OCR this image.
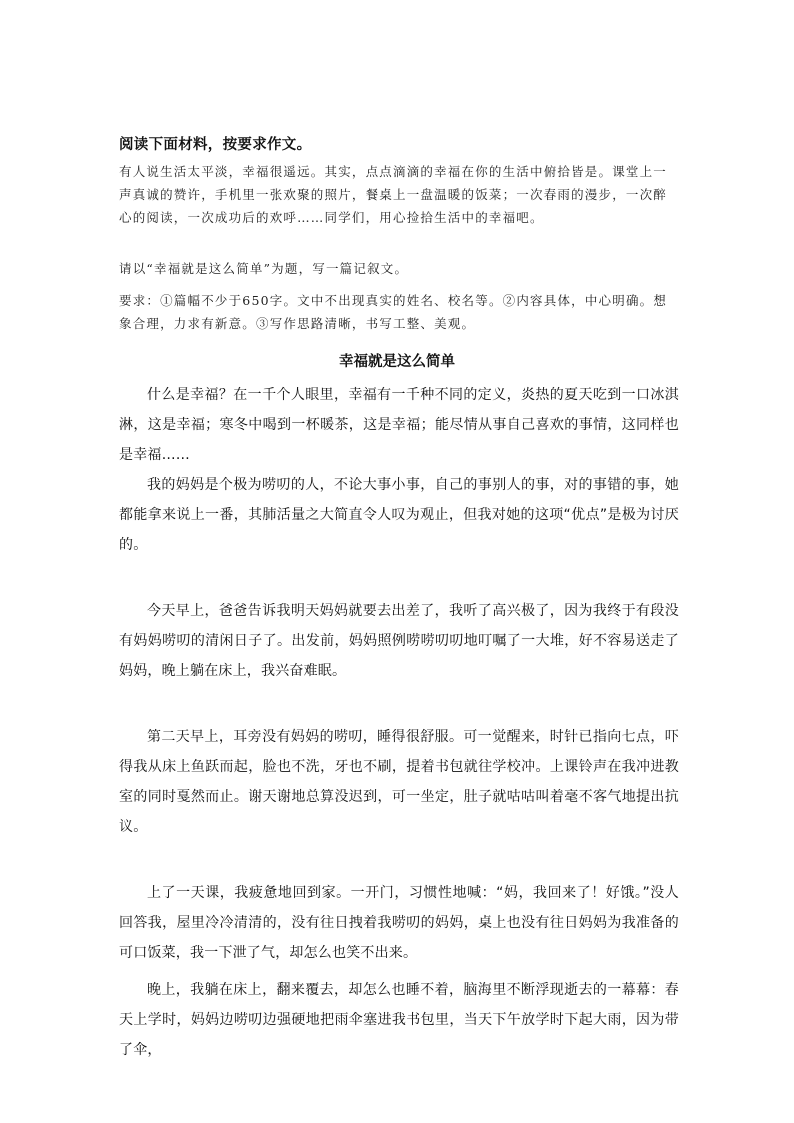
阅读下面材料，按要求作文。
有人说生活太平淡，幸福很遥远。其实，点点滴滴的幸福在你的生活中俯拾皆是。课堂上一声真诚的赞许，手机里一张欢聚的照片，餐桌上一盘温暖的饭菜；一次春雨的漫步，一次醉心的阅读，一次成功后的欢呼……同学们，用心捡拾生活中的幸福吧。
请以“幸福就是这么简单”为题，写一篇记叙文。
要求：①篇幅不少于650字。文中不出现真实的姓名、校名等。②内容具体，中心明确。想象合理，力求有新意。③写作思路清晰，书写工整、美观。
幸福就是这么简单
什么是幸福？在一千个人眼里，幸福有一千种不同的定义，炎热的夏天吃到一口冰淇淋，这是幸福；寒冬中喝到一杯暖茶，这是幸福；能尽情从事自己喜欢的事情，这同样也是幸福……
我的妈妈是个极为唠叨的人，不论大事小事，自己的事别人的事，对的事错的事，她都能拿来说上一番，其肺活量之大简直令人叹为观止，但我对她的这项“优点”是极为讨厌的。
今天早上，爸爸告诉我明天妈妈就要去出差了，我听了高兴极了，因为我终于有段没有妈妈唠叨的清闲日子了。出发前，妈妈照例唠唠叨叨地叮嘱了一大堆，好不容易送走了妈妈，晚上躺在床上，我兴奋难眠。
第二天早上，耳旁没有妈妈的唠叨，睡得很舒服。可一觉醒来，时针已指向七点，吓得我从床上鱼跃而起，脸也不洗，牙也不刷，提着书包就往学校冲。上课铃声在我冲进教室的同时戛然而止。谢天谢地总算没迟到，可一坐定，肚子就咕咕叫着毫不客气地提出抗议。
上了一天课，我疲惫地回到家。一开门，习惯性地喊：“妈，我回来了！好饿。”没人回答我，屋里冷冷清清的，没有往日拽着我唠叨的妈妈，桌上也没有往日妈妈为我准备的可口饭菜，我一下泄了气，却怎么也笑不出来。
晚上，我躺在床上，翻来覆去，却怎么也睡不着，脑海里不断浮现逝去的一幕幕：春天上学时，妈妈边唠叨边强硬地把雨伞塞进我书包里，当天下午放学时下起大雨，因为带了伞，
